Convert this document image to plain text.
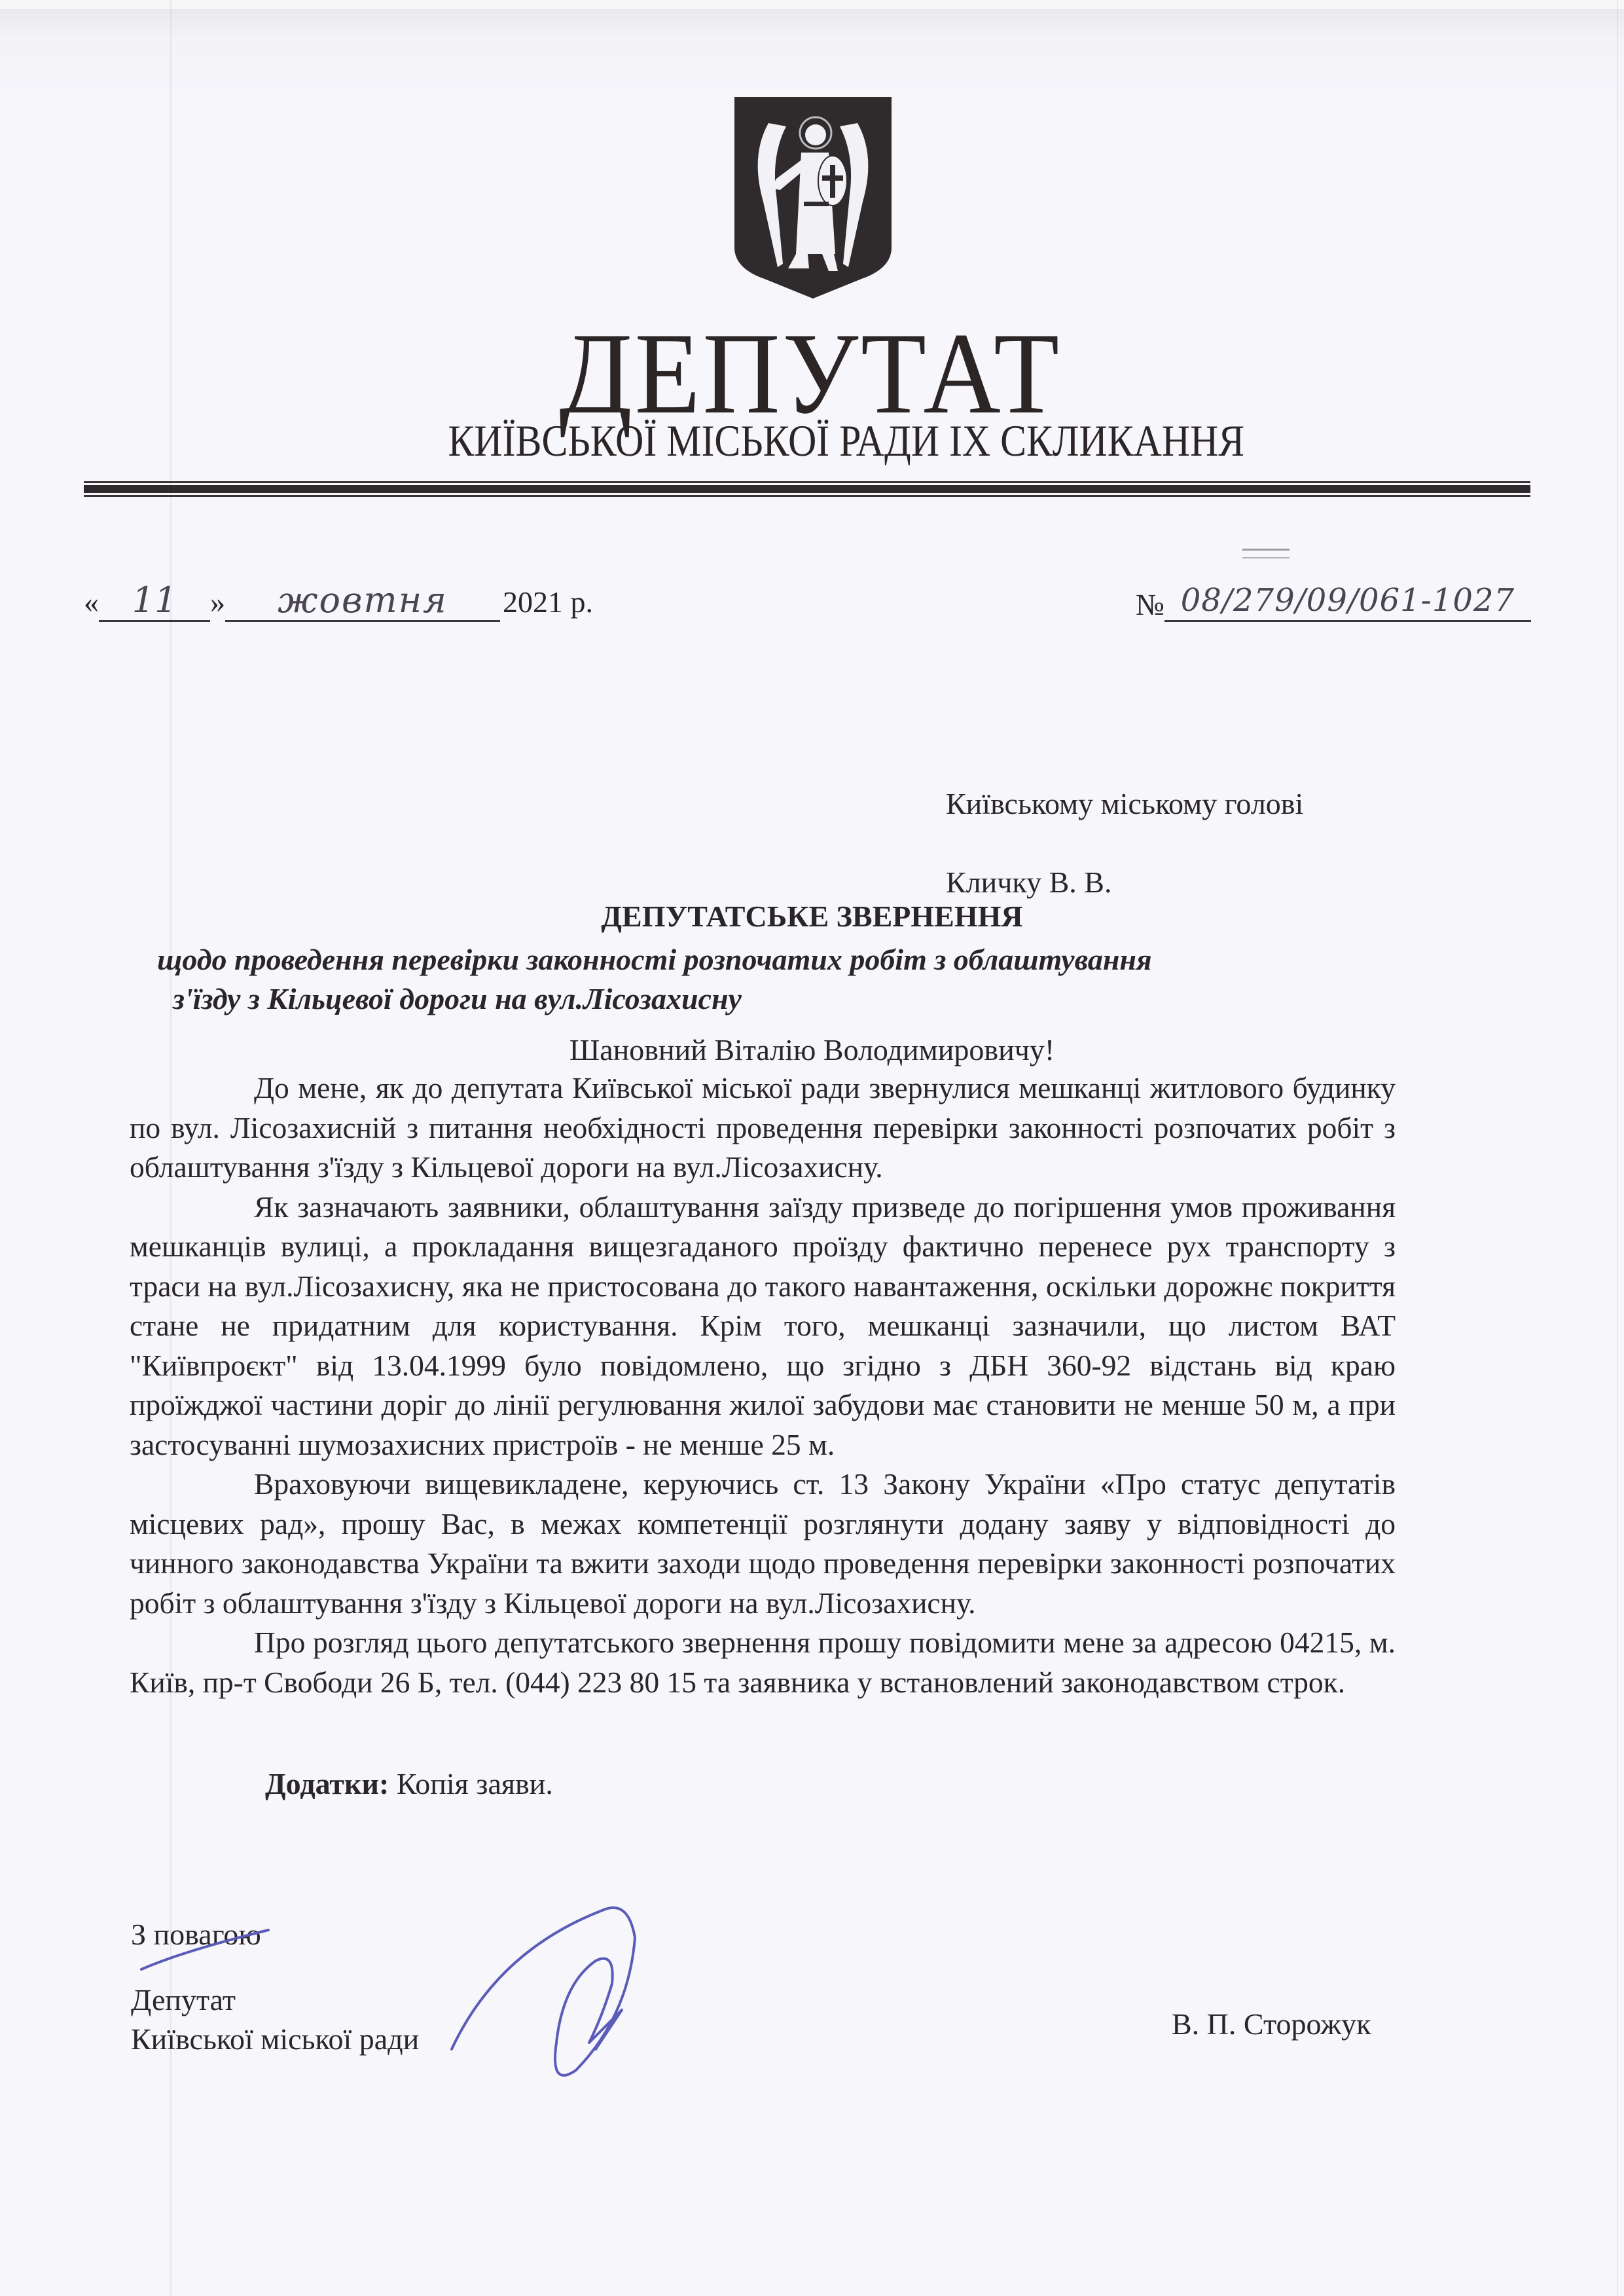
ДЕПУТАТ
КИЇВСЬКОЇ МІСЬКОЇ РАДИ IX СКЛИКАННЯ
« 11	»	жовтня	2021 р.	№ 08/279/09/061-1027
Київському міському голові
Кличку В. В.
ДЕПУТАТСЬКЕ ЗВЕРНЕННЯ
щодо проведення перевірки законності розпочатих робіт з облаштування
з'їзду з Кільцевої дороги на вул.Лісозахисну
Шановний Віталію Володимировичу!

До мене, як до депутата Київської міської ради звернулися мешканці житлового будинку по вул. Лісозахисній з питання необхідності проведення перевірки законності розпочатих робіт з облаштування з'їзду з Кільцевої дороги на вул.Лісозахисну.

Як зазначають заявники, облаштування заїзду призведе до погіршення умов проживання мешканців вулиці, а прокладання вищезгаданого проїзду фактично перенесе рух транспорту з траси на вул.Лісозахисну, яка не пристосована до такого навантаження, оскільки дорожнє покриття стане не придатним для користування. Крім того, мешканці зазначили, що листом ВАТ "Київпроєкт" від 13.04.1999 було повідомлено, що згідно з ДБН 360-92 відстань від краю проїжджої частини доріг до лінії регулювання жилої забудови має становити не менше 50 м, а при застосуванні шумозахисних пристроїв - не менше 25 м.

Враховуючи вищевикладене, керуючись ст. 13 Закону України «Про статус депутатів місцевих рад», прошу Вас, в межах компетенції розглянути додану заяву у відповідності до чинного законодавства України та вжити заходи щодо проведення перевірки законності розпочатих робіт з облаштування з'їзду з Кільцевої дороги на вул.Лісозахисну.

Про розгляд цього депутатського звернення прошу повідомити мене за адресою 04215, м. Київ, пр-т Свободи 26 Б, тел. (044) 223 80 15 та заявника у встановлений законодавством строк.

Додатки: Копія заяви.
З повагою
Депутат
Київської міської ради	В. П. Сторожук
